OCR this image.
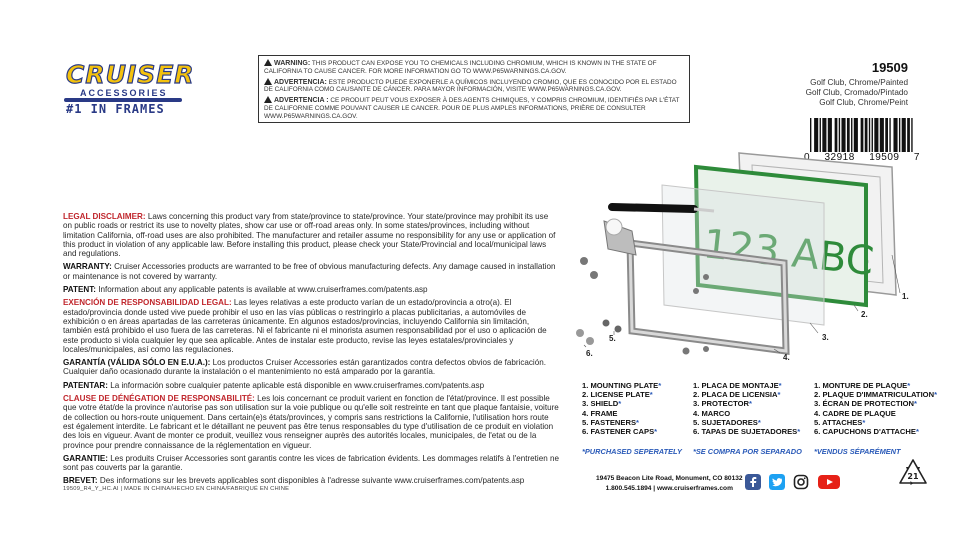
CRUISER
ACCESSORIES
#1 IN FRAMES

WARNING: THIS PRODUCT CAN EXPOSE YOU TO CHEMICALS INCLUDING CHROMIUM, WHICH IS KNOWN IN THE STATE OF CALIFORNIA TO CAUSE CANCER. FOR MORE INFORMATION GO TO WWW.P65WARNINGS.CA.GOV.

ADVERTENCIA: ESTE PRODUCTO PUEDE EXPONERLE A QUÍMICOS INCLUYENDO CROMIO, QUE ES CONOCIDO POR EL ESTADO DE CALIFORNIA COMO CAUSANTE DE CÁNCER. PARA MAYOR INFORMACIÓN, VISITE WWW.P65WARNINGS.CA.GOV.

ADVERTENCIA : CE PRODUIT PEUT VOUS EXPOSER À DES AGENTS CHIMIQUES, Y COMPRIS CHROMIUM, IDENTIFIÉS PAR L'ÉTAT DE CALIFORNIE COMME POUVANT CAUSER LE CANCER. POUR DE PLUS AMPLES INFORMATIONS, PRIÈRE DE CONSULTER WWW.P65WARNINGS.CA.GOV.

19509
Golf Club, Chrome/Painted
Golf Club, Cromado/Pintado
Golf Club, Chrome/Peint
0 32918 19509 7

LEGAL DISCLAIMER: Laws concerning this product vary from state/province to state/province. Your state/province may prohibit its use on public roads or restrict its use to novelty plates, show car use or off-road areas only. In some states/provinces, including without limitation California, off-road uses are also prohibited. The manufacturer and retailer assume no responsibility for any use or application of this product in violation of any applicable law. Before installing this product, please check your State/Provincial and local/municipal laws and regulations.

WARRANTY: Cruiser Accessories products are warranted to be free of obvious manufacturing defects. Any damage caused in installation or maintenance is not covered by warranty.

PATENT: Information about any applicable patents is available at www.cruiserframes.com/patents.asp

EXENCIÓN DE RESPONSABILIDAD LEGAL: Las leyes relativas a este producto varían de un estado/provincia a otro(a). El estado/provincia donde usted vive puede prohibir el uso en las vías públicas o restringirlo a placas publicitarias, a automóviles de exhibición o en áreas apartadas de las carreteras únicamente. En algunos estados/provincias, incluyendo California sin limitación, también está prohibido el uso fuera de las carreteras. Ni el fabricante ni el minorista asumen responsabilidad por el uso o aplicación de este producto si viola cualquier ley que sea aplicable. Antes de instalar este producto, revise las leyes estatales/provinciales y locales/municipales, así como las regulaciones.

GARANTÍA (VÁLIDA SÓLO EN E.U.A.): Los productos Cruiser Accessories están garantizados contra defectos obvios de fabricación. Cualquier daño ocasionado durante la instalación o el mantenimiento no está amparado por la garantía.

PATENTAR: La información sobre cualquier patente aplicable está disponible en www.cruiserframes.com/patents.asp

CLAUSE DE DÉNÉGATION DE RESPONSABILITÉ: Les lois concernant ce produit varient en fonction de l'état/province. Il est possible que votre état/de la province n'autorise pas son utilisation sur la voie publique ou qu'elle soit restreinte en tant que plaque fantaisie, voiture de collection ou hors-route uniquement. Dans certain(e)s états/provinces, y compris sans restrictions la Californie, l'utilisation hors route est également interdite. Le fabricant et le détaillant ne peuvent pas être tenus responsables du type d'utilisation de ce produit en violation des lois en vigueur. Avant de monter ce produit, veuillez vous renseigner auprès des autorités locales, municipales, de l'etat ou de la province pour prendre connaissance de la réglementation en vigueur.

GARANTIE: Les produits Cruiser Accessories sont garantis contre les vices de fabrication évidents. Les dommages relatifs à l'entretien ne sont pas couverts par la garantie.

BREVET: Des informations sur les brevets applicables sont disponibles à l'adresse suivante www.cruiserframes.com/patents.asp

19509_R4_Y_HC.AI | MADE IN CHINA/HECHO EN CHINA/FABRIQUÉ EN CHINE
ABC
1.
2.
3.
4.
5.
6.
1. MOUNTING PLATE*
2. LICENSE PLATE*
3. SHIELD*
4. FRAME
5. FASTENERS*
6. FASTENER CAPS*
1. PLACA DE MONTAJE*
2. PLACA DE LICENSIA*
3. PROTECTOR*
4. MARCO
5. SUJETADORES*
6. TAPAS DE SUJETADORES*
1. MONTURE DE PLAQUE*
2. PLAQUE D'IMMATRICULATION*
3. ÉCRAN DE PROTECTION*
4. CADRE DE PLAQUE
5. ATTACHES*
6. CAPUCHONS D'ATTACHE*
*PURCHASED SEPERATELY *SE COMPRA POR SEPARADO *VENDUS SÉPARÉMENT
19475 Beacon Lite Road, Monument, CO 80132
1.800.545.1894 | www.cruiserframes.com
21
